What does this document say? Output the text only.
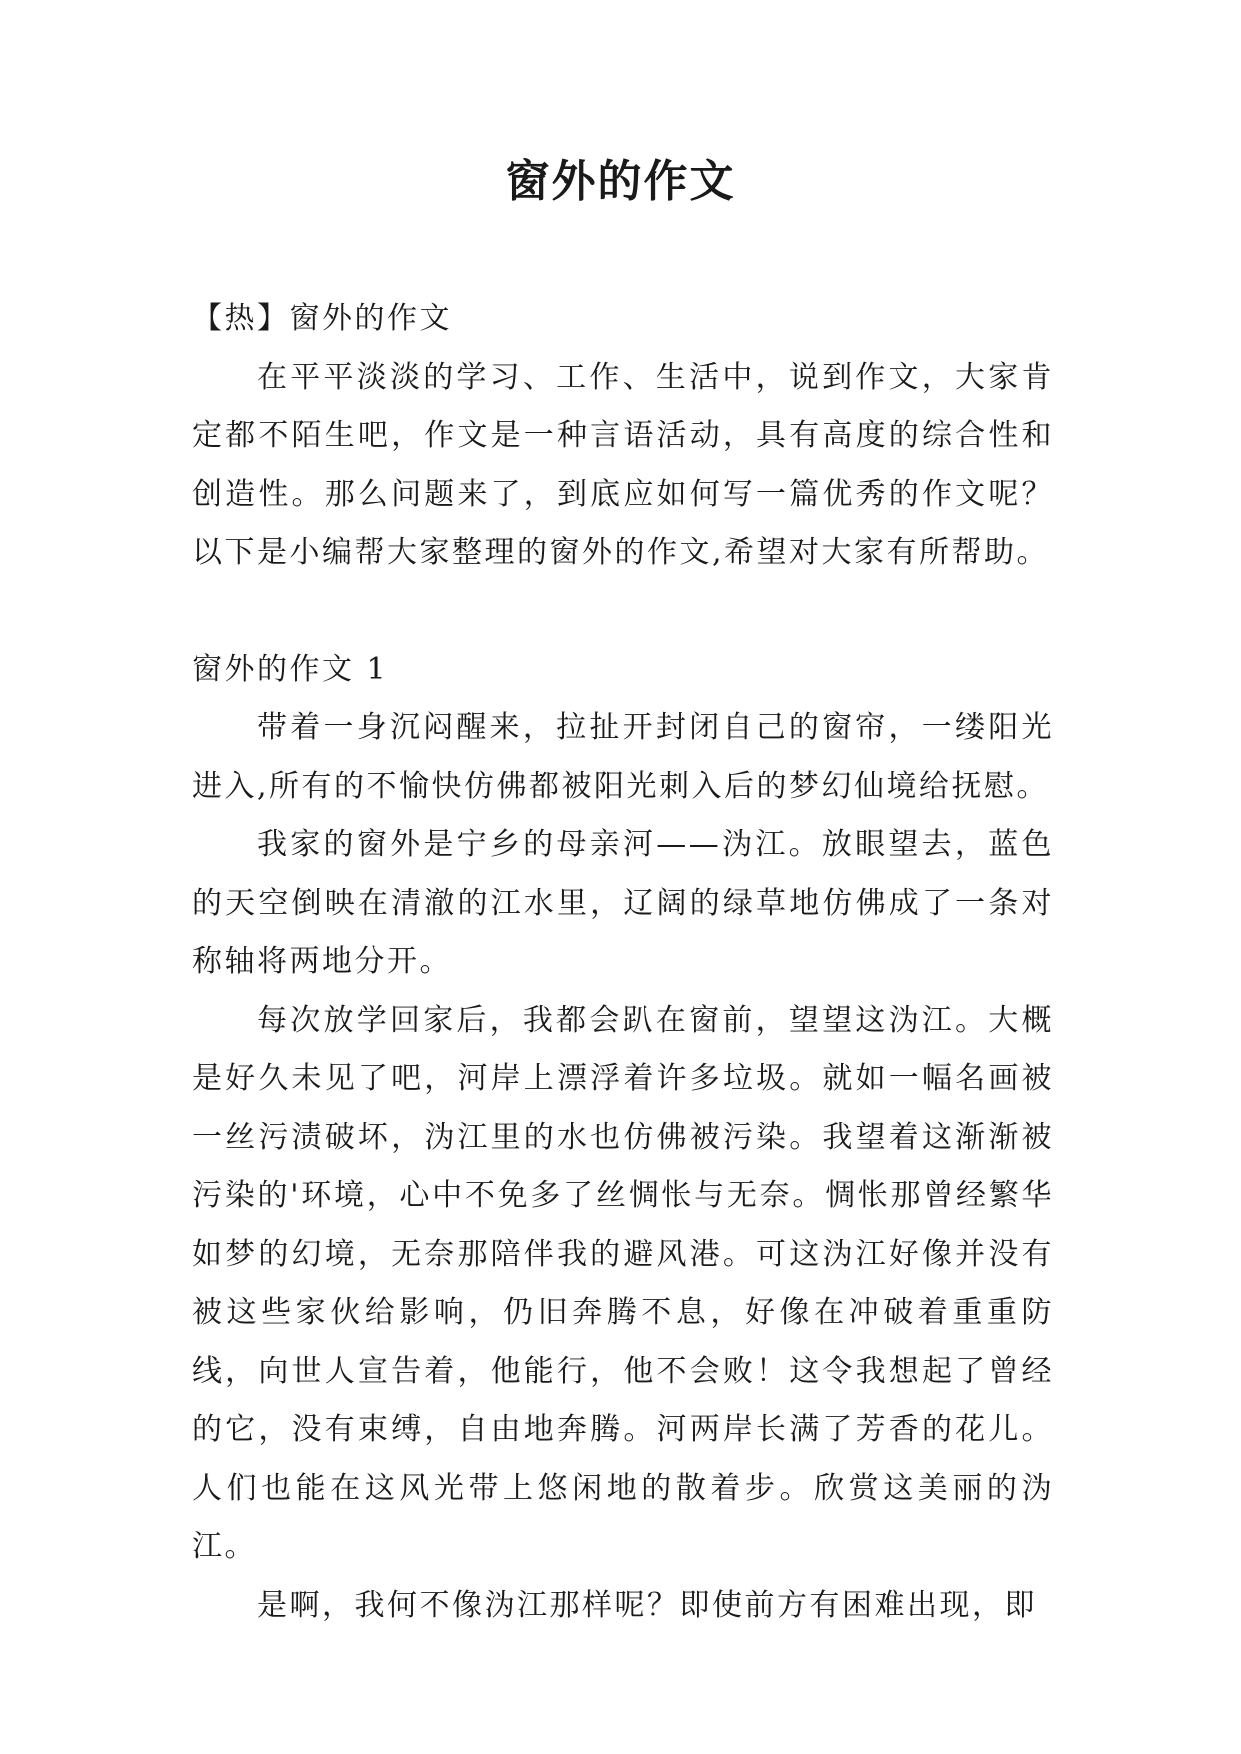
窗外的作文

【热】窗外的作文

在平平淡淡的学习、工作、生活中，说到作文，大家肯定都不陌生吧，作文是一种言语活动，具有高度的综合性和创造性。那么问题来了，到底应如何写一篇优秀的作文呢？以下是小编帮大家整理的窗外的作文,希望对大家有所帮助。

窗外的作文 1

带着一身沉闷醒来，拉扯开封闭自己的窗帘，一缕阳光进入,所有的不愉快仿佛都被阳光刺入后的梦幻仙境给抚慰。

我家的窗外是宁乡的母亲河——沩江。放眼望去，蓝色的天空倒映在清澈的江水里，辽阔的绿草地仿佛成了一条对称轴将两地分开。

每次放学回家后，我都会趴在窗前，望望这沩江。大概是好久未见了吧，河岸上漂浮着许多垃圾。就如一幅名画被一丝污渍破坏，沩江里的水也仿佛被污染。我望着这渐渐被污染的'环境，心中不免多了丝惆怅与无奈。惆怅那曾经繁华如梦的幻境，无奈那陪伴我的避风港。可这沩江好像并没有被这些家伙给影响，仍旧奔腾不息，好像在冲破着重重防线，向世人宣告着，他能行，他不会败！这令我想起了曾经的它，没有束缚，自由地奔腾。河两岸长满了芳香的花儿。人们也能在这风光带上悠闲地的散着步。欣赏这美丽的沩江。

是啊，我何不像沩江那样呢？即使前方有困难出现，即
